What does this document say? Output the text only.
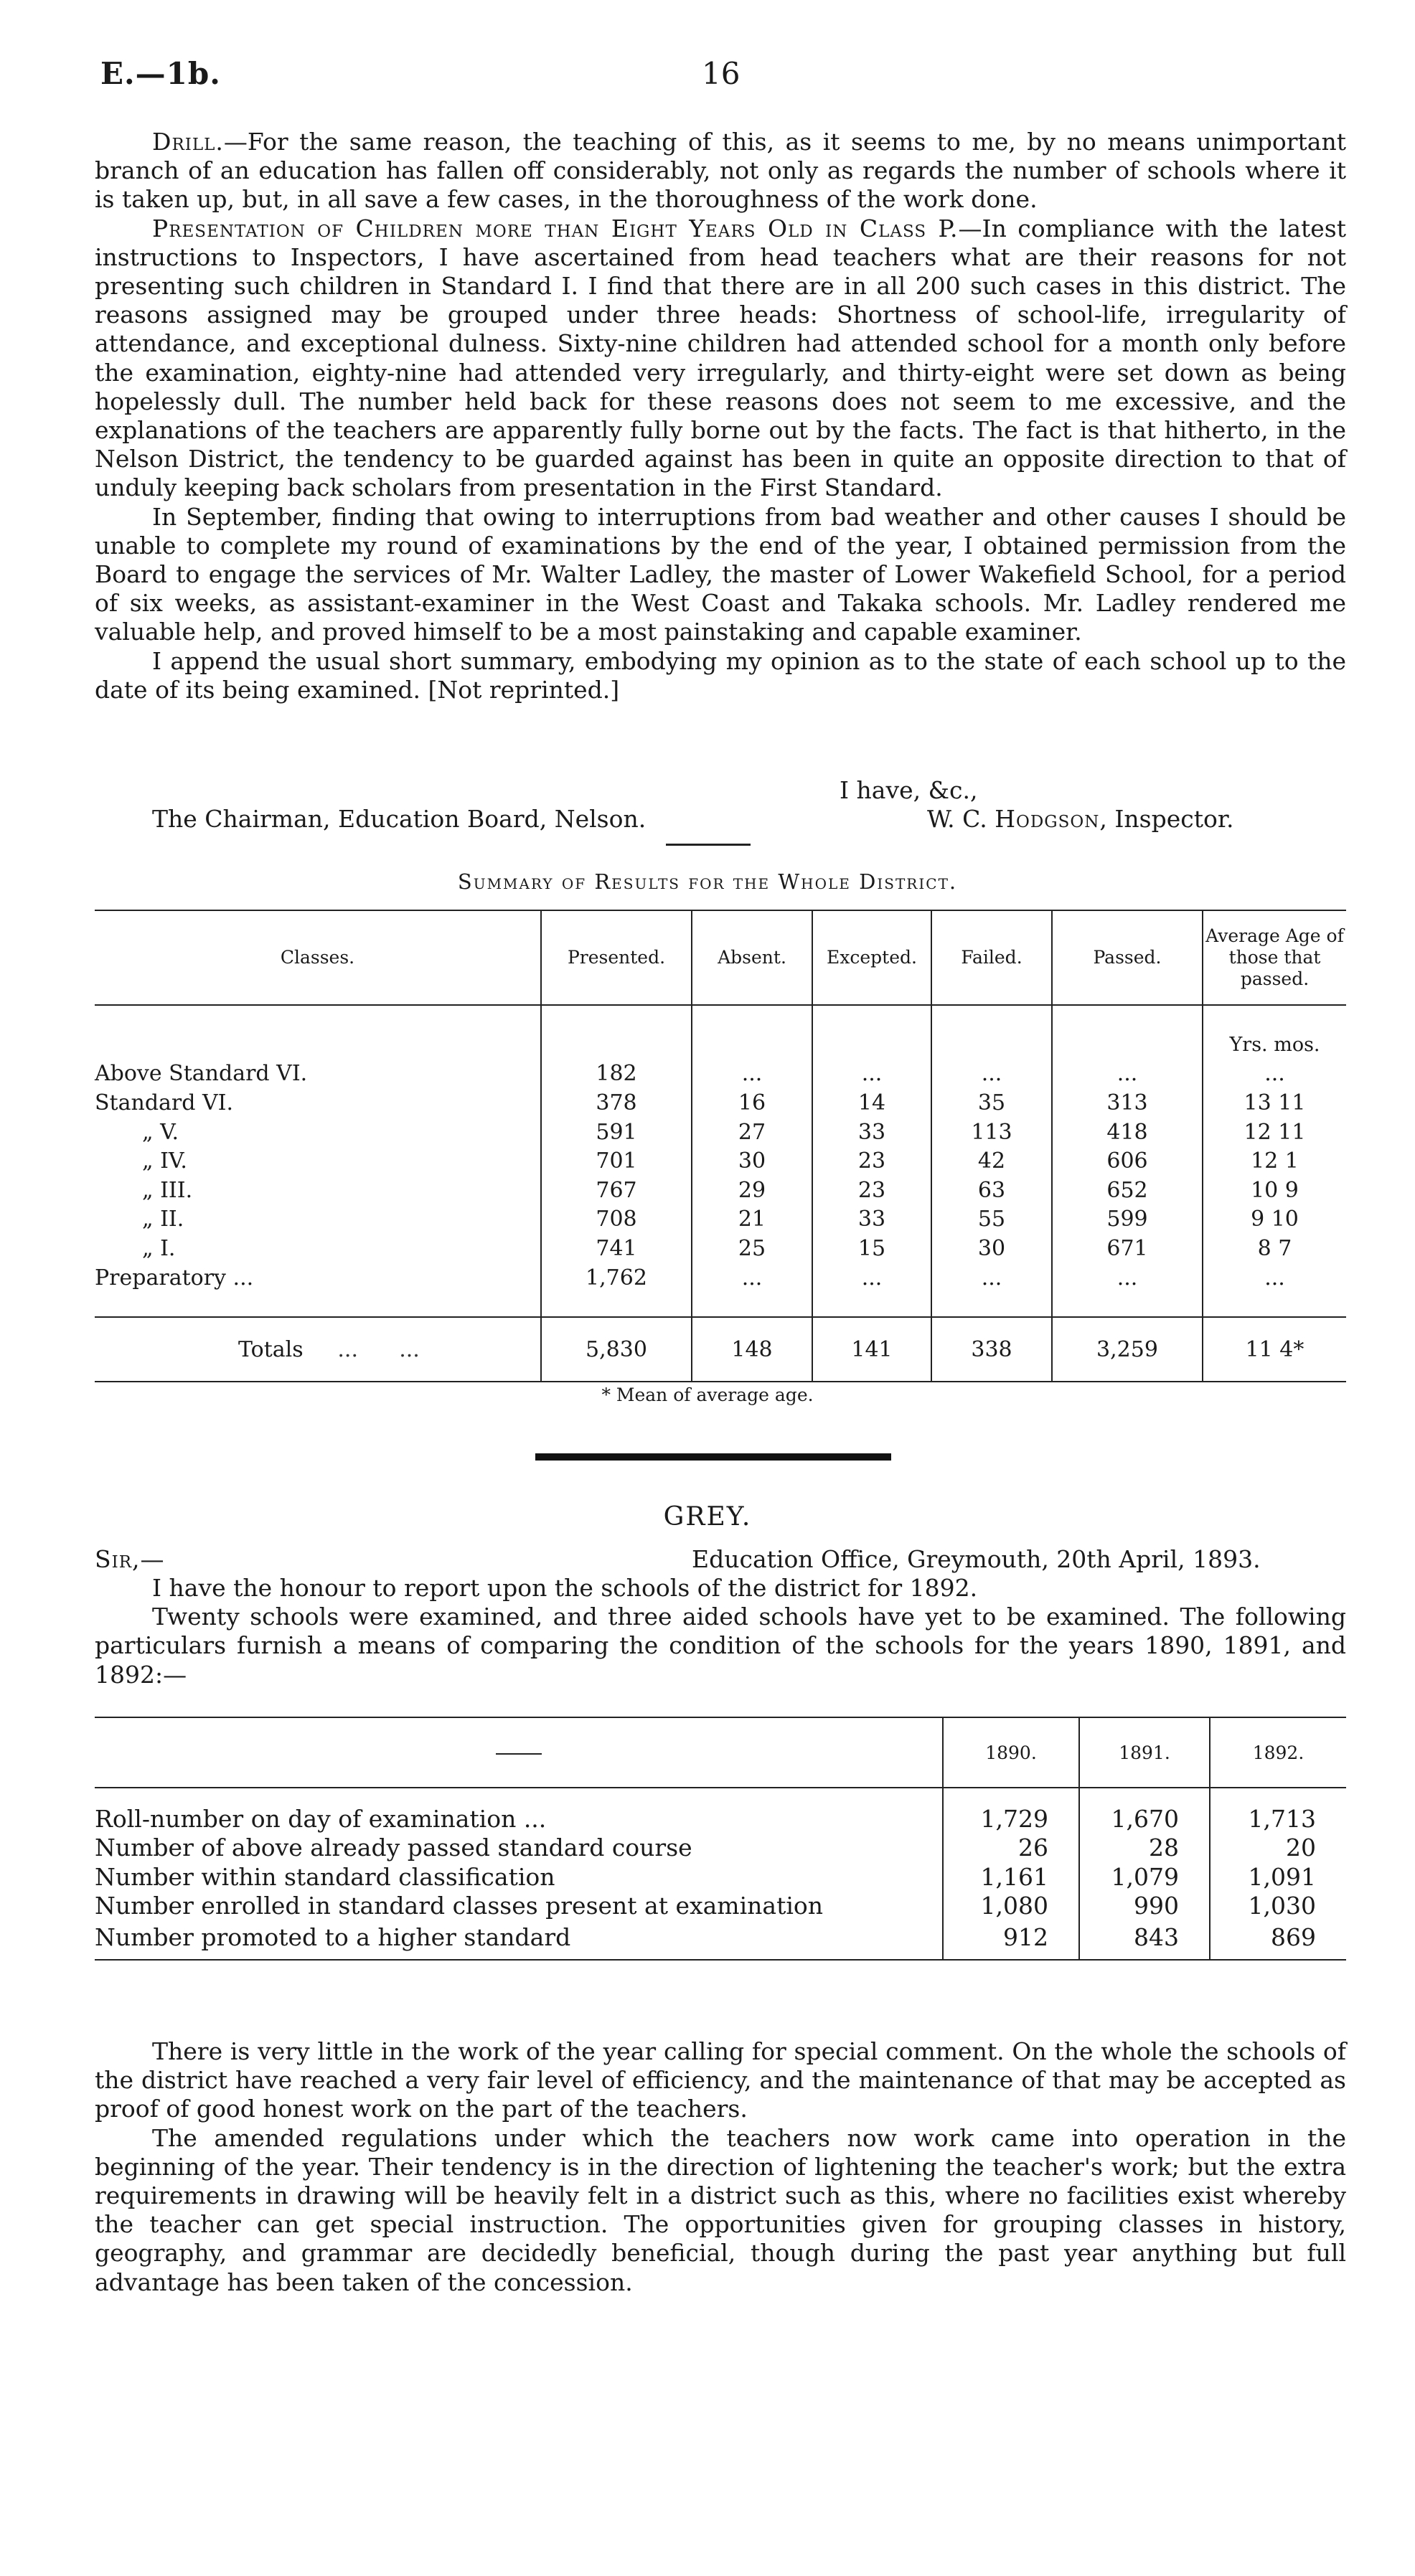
E.—1b.	16

Drill.—For the same reason, the teaching of this, as it seems to me, by no means unimportant branch of an education has fallen off considerably, not only as regards the number of schools where it is taken up, but, in all save a few cases, in the thoroughness of the work done.

Presentation of Children more than Eight Years Old in Class P.—In compliance with the latest instructions to Inspectors, I have ascertained from head teachers what are their reasons for not presenting such children in Standard I. I find that there are in all 200 such cases in this district. The reasons assigned may be grouped under three heads: Shortness of school-life, irregularity of attendance, and exceptional dulness. Sixty-nine children had attended school for a month only before the examination, eighty-nine had attended very irregularly, and thirty-eight were set down as being hopelessly dull. The number held back for these reasons does not seem to me excessive, and the explanations of the teachers are apparently fully borne out by the facts. The fact is that hitherto, in the Nelson District, the tendency to be guarded against has been in quite an opposite direction to that of unduly keeping back scholars from presentation in the First Standard.

In September, finding that owing to interruptions from bad weather and other causes I should be unable to complete my round of examinations by the end of the year, I obtained permission from the Board to engage the services of Mr. Walter Ladley, the master of Lower Wakefield School, for a period of six weeks, as assistant-examiner in the West Coast and Takaka schools. Mr. Ladley rendered me valuable help, and proved himself to be a most painstaking and capable examiner.

I append the usual short summary, embodying my opinion as to the state of each school up to the date of its being examined. [Not reprinted.]

I have, &c.,
The Chairman, Education Board, Nelson.	W. C. Hodgson, Inspector.
Summary of Results for the Whole District.
Classes.	Presented.	Absent.	Excepted.	Failed.	Passed.	Average Age of those that passed.

						Yrs. mos.
Above Standard VI.	182	...	...	...	...	...
Standard VI.	378	16	14	35	313	13 11
„ V.	591	27	33	113	418	12 11
„ IV.	701	30	23	42	606	12 1
„ III.	767	29	23	63	652	10 9
„ II.	708	21	33	55	599	9 10
„ I.	741	25	15	30	671	8 7
Preparatory ...	1,762	...	...	...	...	...

Totals     ...      ...	5,830	148	141	338	3,259	11 4*
* Mean of average age.
GREY.
Sir,—	Education Office, Greymouth, 20th April, 1893.

I have the honour to report upon the schools of the district for 1892.

Twenty schools were examined, and three aided schools have yet to be examined. The following particulars furnish a means of comparing the condition of the schools for the years 1890, 1891, and 1892:—

	1890.	1891.	1892.

Roll-number on day of examination ...	1,729	1,670	1,713
Number of above already passed standard course	26	28	20
Number within standard classification	1,161	1,079	1,091
Number enrolled in standard classes present at examination	1,080	990	1,030
Number promoted to a higher standard	912	843	869

There is very little in the work of the year calling for special comment. On the whole the schools of the district have reached a very fair level of efficiency, and the maintenance of that may be accepted as proof of good honest work on the part of the teachers.

The amended regulations under which the teachers now work came into operation in the beginning of the year. Their tendency is in the direction of lightening the teacher's work; but the extra requirements in drawing will be heavily felt in a district such as this, where no facilities exist whereby the teacher can get special instruction. The opportunities given for grouping classes in history, geography, and grammar are decidedly beneficial, though during the past year anything but full advantage has been taken of the concession.
